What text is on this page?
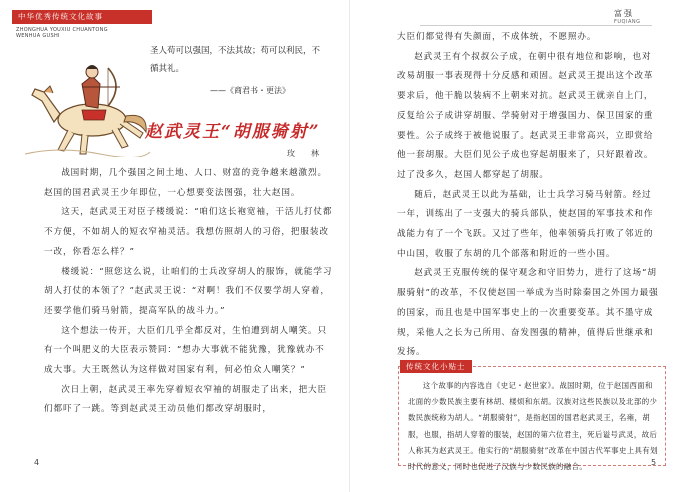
中华优秀传统文化故事
ZHONGHUA YOUXIU CHUANTONG
WENHUA GUSHI
圣人苟可以强国，不法其故；苟可以利民，不循其礼。
——《商君书・更法》
赵武灵王“胡服骑射”
玫　林

战国时期，几个强国之间土地、人口、财富的竞争越来越激烈。赵国的国君武灵王少年即位，一心想要变法图强，壮大赵国。

这天，赵武灵王对臣子楼缓说：“咱们这长袍宽袖，干活儿打仗都不方便，不如胡人的短衣窄袖灵活。我想仿照胡人的习俗，把服装改一改，你看怎么样？”

楼缓说：“照您这么说，让咱们的士兵改穿胡人的服饰，就能学习胡人打仗的本领了？”赵武灵王说：“对啊！我们不仅要学胡人穿着，还要学他们骑马射箭，提高军队的战斗力。”

这个想法一传开，大臣们几乎全都反对，生怕遭到胡人嘲笑。只有一个叫肥义的大臣表示赞同：“想办大事就不能犹豫，犹豫就办不成大事。大王既然认为这样做对国家有利，何必怕众人嘲笑？”

次日上朝，赵武灵王率先穿着短衣窄袖的胡服走了出来，把大臣们都吓了一跳。等到赵武灵王动员他们都改穿胡服时，

4
富强
FUQIANG

大臣们都觉得有失颜面，不成体统，不愿照办。

赵武灵王有个叔叔公子成，在朝中很有地位和影响，也对改易胡服一事表现得十分反感和顽固。赵武灵王提出这个改革要求后，他干脆以装病不上朝来对抗。赵武灵王就亲自上门，反复给公子成讲穿胡服、学骑射对于增强国力、保卫国家的重要性。公子成终于被他说服了。赵武灵王非常高兴，立即赏给他一套胡服。大臣们见公子成也穿起胡服来了，只好跟着改。过了没多久，赵国人都穿起了胡服。

随后，赵武灵王以此为基础，让士兵学习骑马射箭。经过一年，训练出了一支强大的骑兵部队，使赵国的军事技术和作战能力有了一个飞跃。又过了些年，他率领骑兵打败了邻近的中山国，收服了东胡的几个部落和附近的一些小国。

赵武灵王克服传统的保守观念和守旧势力，进行了这场“胡服骑射”的改革，不仅使赵国一举成为当时除秦国之外国力最强的国家，而且也是中国军事史上的一次重要变革。其不墨守成规，采他人之长为己所用、奋发图强的精神，值得后世继承和发扬。

传统文化小贴士
这个故事的内容选自《史记・赵世家》。战国时期，位于赵国西面和北面的少数民族主要有林胡、楼烦和东胡。汉族对这些民族以及北部的少数民族统称为胡人。“胡服骑射”，是指赵国的国君赵武灵王，名雍，胡服，也服，指胡人穿着的服装，赵国的第六位君主，死后谥号武灵，故后人称其为赵武灵王。他实行的“胡服骑射”改革在中国古代军事史上具有划时代的意义，同时也促进了汉族与少数民族的融合。	5
